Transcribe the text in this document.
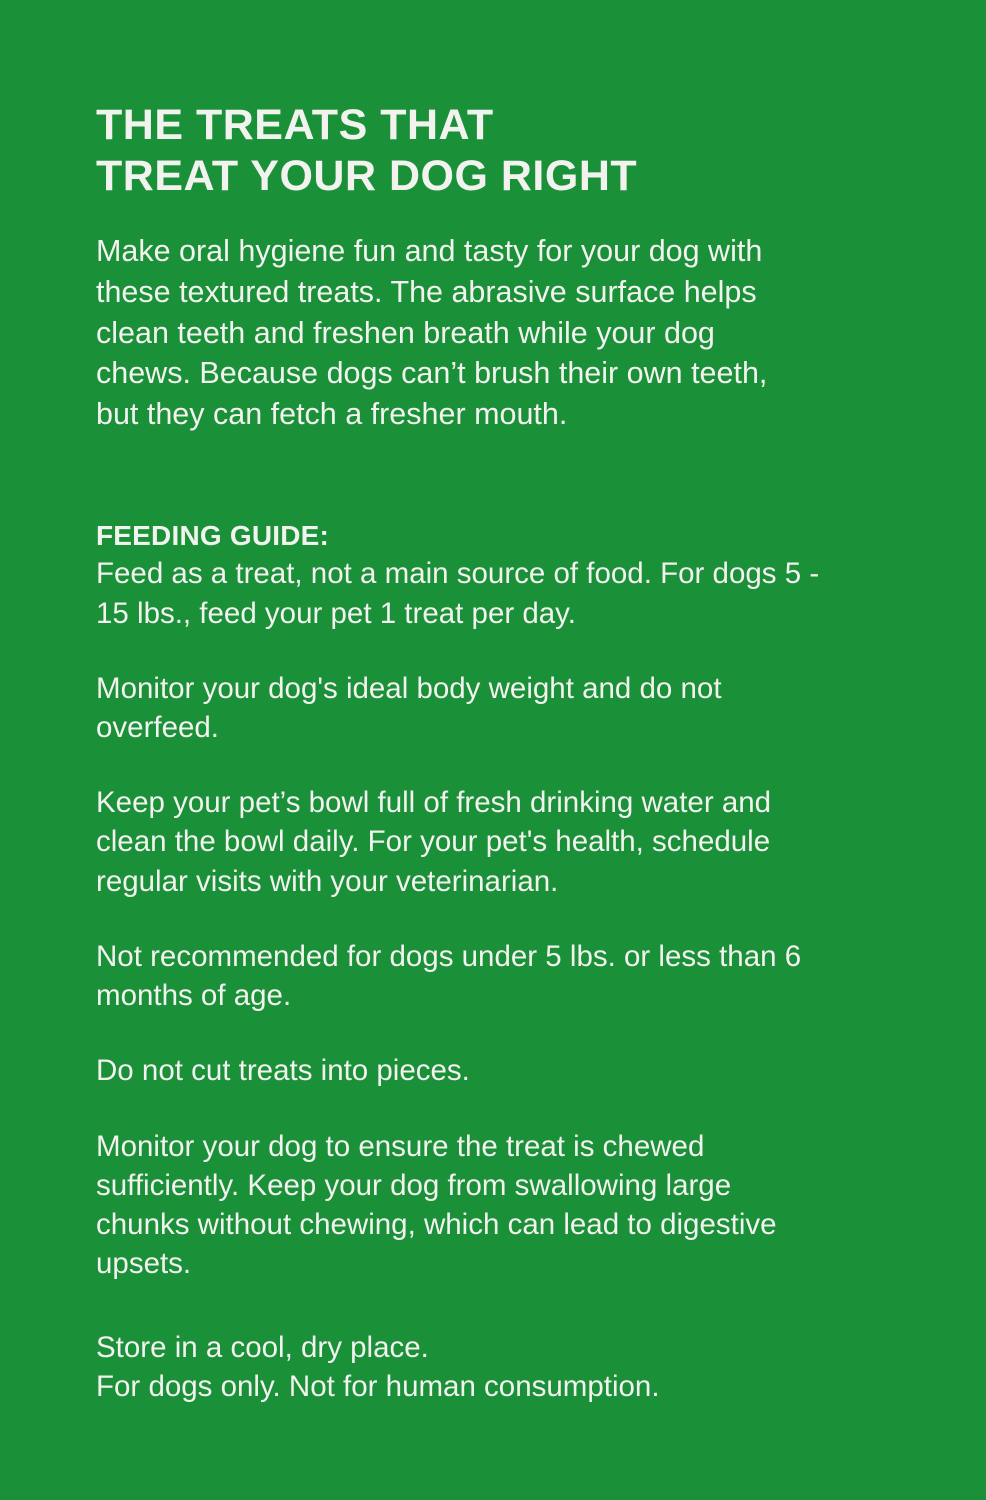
THE TREATS THAT
TREAT YOUR DOG RIGHT

Make oral hygiene fun and tasty for your dog with these textured treats. The abrasive surface helps clean teeth and freshen breath while your dog chews. Because dogs can’t brush their own teeth, but they can fetch a fresher mouth.

FEEDING GUIDE:

Feed as a treat, not a main source of food. For dogs 5 - 15 lbs., feed your pet 1 treat per day.

Monitor your dog's ideal body weight and do not overfeed.

Keep your pet’s bowl full of fresh drinking water and clean the bowl daily. For your pet's health, schedule regular visits with your veterinarian.

Not recommended for dogs under 5 lbs. or less than 6 months of age.

Do not cut treats into pieces.

Monitor your dog to ensure the treat is chewed sufficiently. Keep your dog from swallowing large chunks without chewing, which can lead to digestive upsets.

Store in a cool, dry place.
For dogs only. Not for human consumption.
